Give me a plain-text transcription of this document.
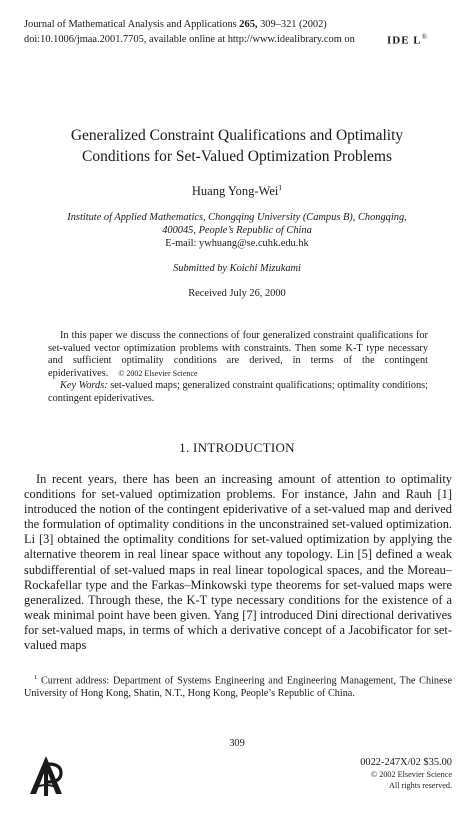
Journal of Mathematical Analysis and Applications 265, 309–321 (2002)
doi:10.1006/jmaa.2001.7705, available online at http://www.idealibrary.com on	IDE L®
Generalized Constraint Qualifications and Optimality
Conditions for Set-Valued Optimization Problems
Huang Yong-Wei$^1$
Institute of Applied Mathematics, Chongqing University (Campus B), Chongqing,
400045, People’s Republic of China
E-mail: ywhuang@se.cuhk.edu.hk
Submitted by Koichi Mizukami
Received July 26, 2000

In this paper we discuss the connections of four generalized constraint qualifications for set-valued vector optimization problems with constraints. Then some K-T type necessary and sufficient optimality conditions are derived, in terms of the contingent epiderivatives. © 2002 Elsevier Science

Key Words: set-valued maps; generalized constraint qualifications; optimality conditions; contingent epiderivatives.

1. INTRODUCTION

In recent years, there has been an increasing amount of attention to optimality conditions for set-valued optimization problems. For instance, Jahn and Rauh [1] introduced the notion of the contingent epiderivative of a set-valued map and derived the formulation of optimality conditions in the unconstrained set-valued optimization. Li [3] obtained the optimality conditions for set-valued optimization by applying the alternative theorem in real linear space without any topology. Lin [5] defined a weak subdifferential of set-valued maps in real linear topological spaces, and the Moreau–Rockafellar type and the Farkas–Minkowski type theorems for set-valued maps were generalized. Through these, the K-T type necessary conditions for the existence of a weak minimal point have been given. Yang [7] introduced Dini directional derivatives for set-valued maps, in terms of which a derivative concept of a Jacobificator for set-valued maps

$^1$ Current address: Department of Systems Engineering and Engineering Management, The Chinese University of Hong Kong, Shatin, N.T., Hong Kong, People’s Republic of China.

309
0022-247X/02 $35.00
© 2002 Elsevier Science
All rights reserved.
